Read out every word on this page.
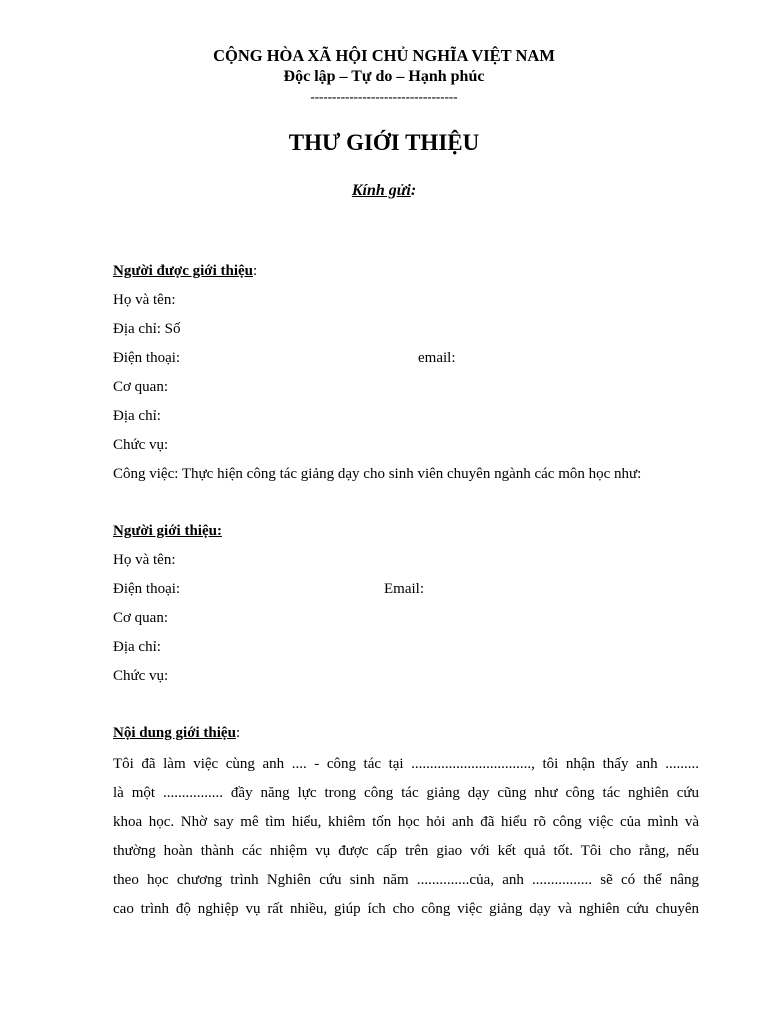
CỘNG HÒA XÃ HỘI CHỦ NGHĨA VIỆT NAM
Độc lập – Tự do – Hạnh phúc
----------------------------------
THƯ GIỚI THIỆU
Kính gửi:
Người được giới thiệu:
Họ và tên:
Địa chỉ: Số
Điện thoại:	email:
Cơ quan:
Địa chỉ:
Chức vụ:
Công việc: Thực hiện công tác giảng dạy cho sinh viên chuyên ngành các môn học như:
Người giới thiệu:
Họ và tên:
Điện thoại:	Email:
Cơ quan:
Địa chỉ:
Chức vụ:
Nội dung giới thiệu:
Tôi đã làm việc cùng anh .... - công tác tại ................................, tôi nhận thấy anh .........
là một ................ đầy năng lực trong công tác giảng dạy cũng như công tác nghiên cứu
khoa học. Nhờ say mê tìm hiểu, khiêm tốn học hỏi anh đã hiểu rõ công việc của mình và
thường hoàn thành các nhiệm vụ được cấp trên giao với kết quả tốt. Tôi cho rằng, nếu
theo học chương trình Nghiên cứu sinh năm ..............của, anh ................ sẽ có thể nâng
cao trình độ nghiệp vụ rất nhiều, giúp ích cho công việc giảng dạy và nghiên cứu chuyên
